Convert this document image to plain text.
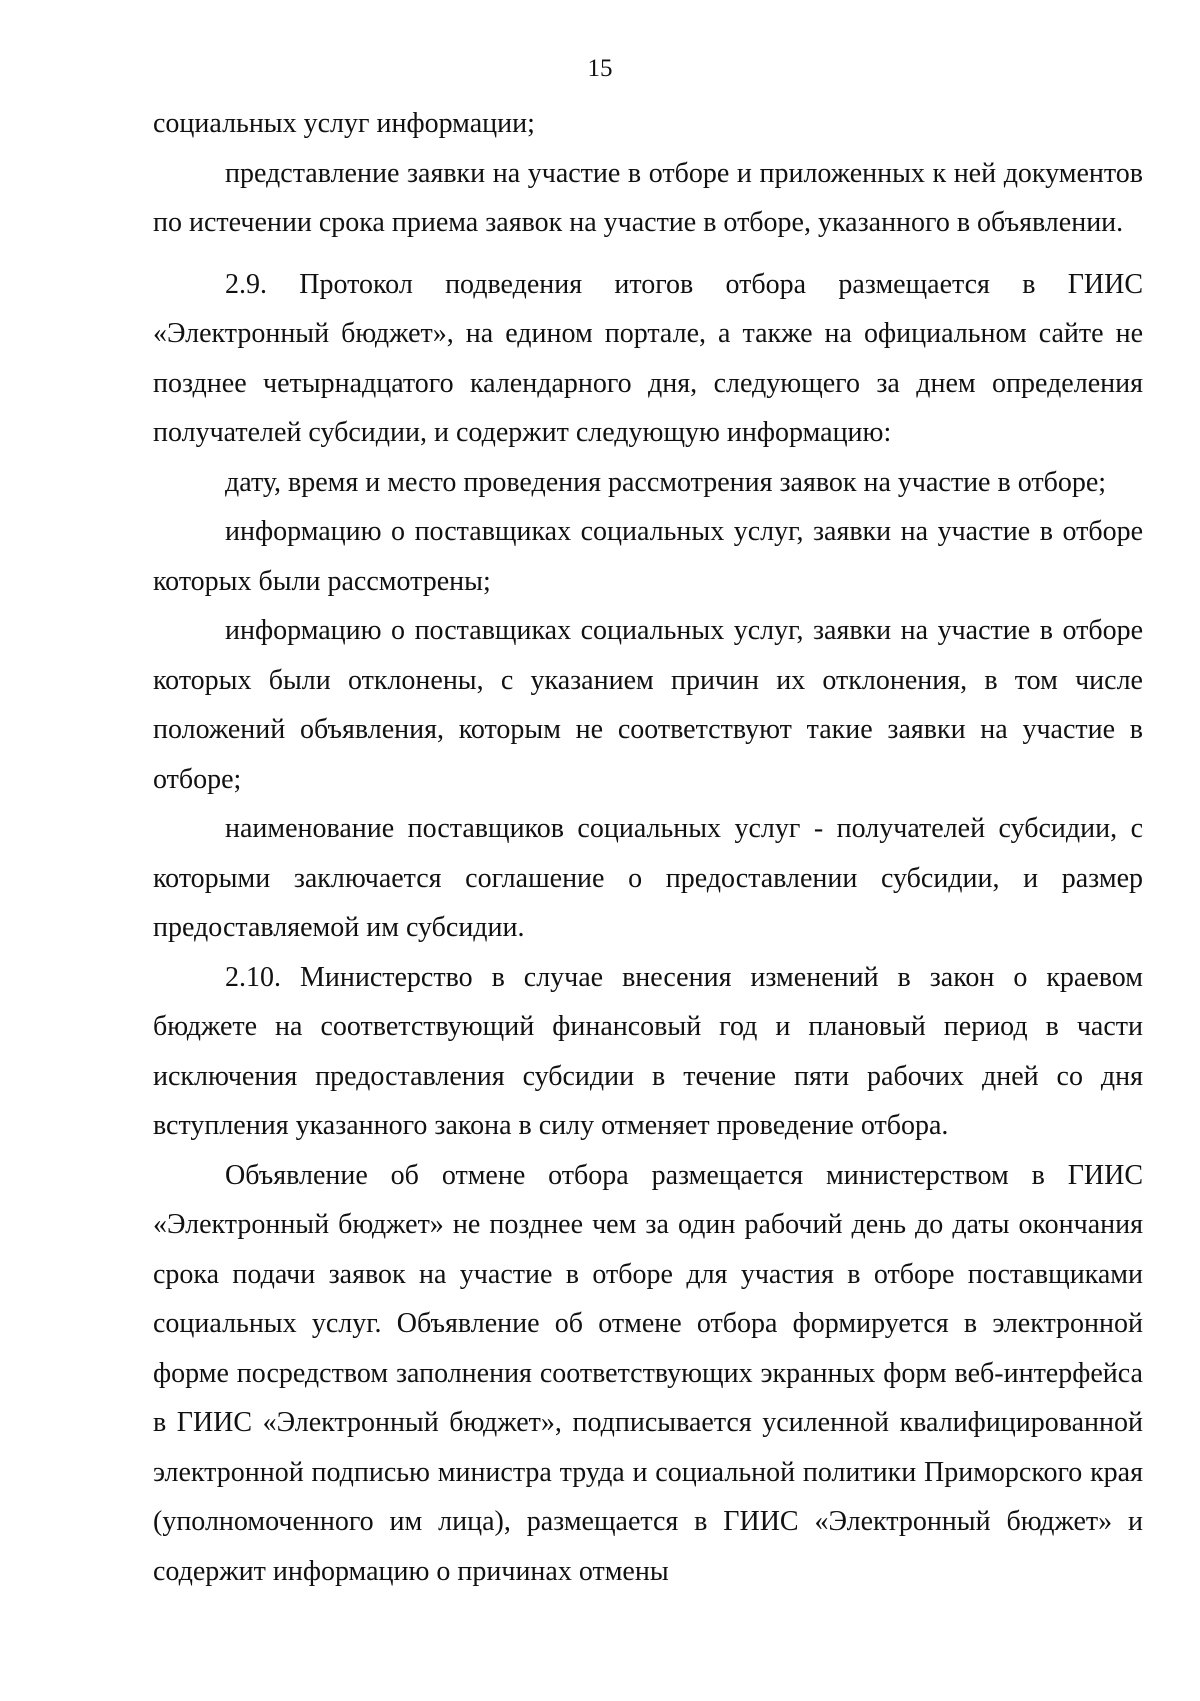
15

социальных услуг информации;

представление заявки на участие в отборе и приложенных к ней документов по истечении срока приема заявок на участие в отборе, указанного в объявлении.

2.9. Протокол подведения итогов отбора размещается в ГИИС «Электронный бюджет», на едином портале, а также на официальном сайте не позднее четырнадцатого календарного дня, следующего за днем определения получателей субсидии, и содержит следующую информацию:

дату, время и место проведения рассмотрения заявок на участие в отборе;

информацию о поставщиках социальных услуг, заявки на участие в отборе которых были рассмотрены;

информацию о поставщиках социальных услуг, заявки на участие в отборе которых были отклонены, с указанием причин их отклонения, в том числе положений объявления, которым не соответствуют такие заявки на участие в отборе;

наименование поставщиков социальных услуг - получателей субсидии, с которыми заключается соглашение о предоставлении субсидии, и размер предоставляемой им субсидии.

2.10. Министерство в случае внесения изменений в закон о краевом бюджете на соответствующий финансовый год и плановый период в части исключения предоставления субсидии в течение пяти рабочих дней со дня вступления указанного закона в силу отменяет проведение отбора.

Объявление об отмене отбора размещается министерством в ГИИС «Электронный бюджет» не позднее чем за один рабочий день до даты окончания срока подачи заявок на участие в отборе для участия в отборе поставщиками социальных услуг. Объявление об отмене отбора формируется в электронной форме посредством заполнения соответствующих экранных форм веб-интерфейса в ГИИС «Электронный бюджет», подписывается усиленной квалифицированной электронной подписью министра труда и социальной политики Приморского края (уполномоченного им лица), размещается в ГИИС «Электронный бюджет» и содержит информацию о причинах отмены
